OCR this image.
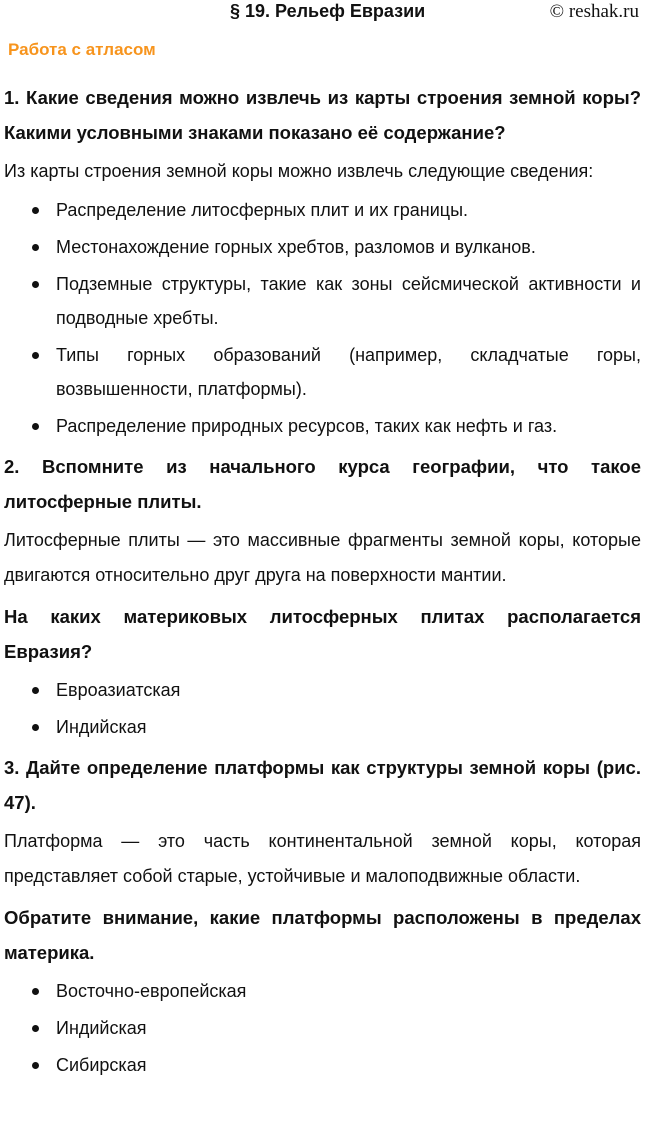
§ 19. Рельеф Евразии	© reshak.ru
Работа с атласом
1. Какие сведения можно извлечь из карты строения земной коры? Какими условными знаками показано её содержание?
Из карты строения земной коры можно извлечь следующие сведения:
Распределение литосферных плит и их границы.
Местонахождение горных хребтов, разломов и вулканов.
Подземные структуры, такие как зоны сейсмической активности и подводные хребты.
Типы горных образований (например, складчатые горы, возвышенности, платформы).
Распределение природных ресурсов, таких как нефть и газ.
2. Вспомните из начального курса географии, что такое литосферные плиты.
Литосферные плиты — это массивные фрагменты земной коры, которые двигаются относительно друг друга на поверхности мантии.
На каких материковых литосферных плитах располагается Евразия?
Евроазиатская
Индийская
3. Дайте определение платформы как структуры земной коры (рис. 47).
Платформа — это часть континентальной земной коры, которая представляет собой старые, устойчивые и малоподвижные области.
Обратите внимание, какие платформы расположены в пределах материка.
Восточно-европейская
Индийская
Сибирская
